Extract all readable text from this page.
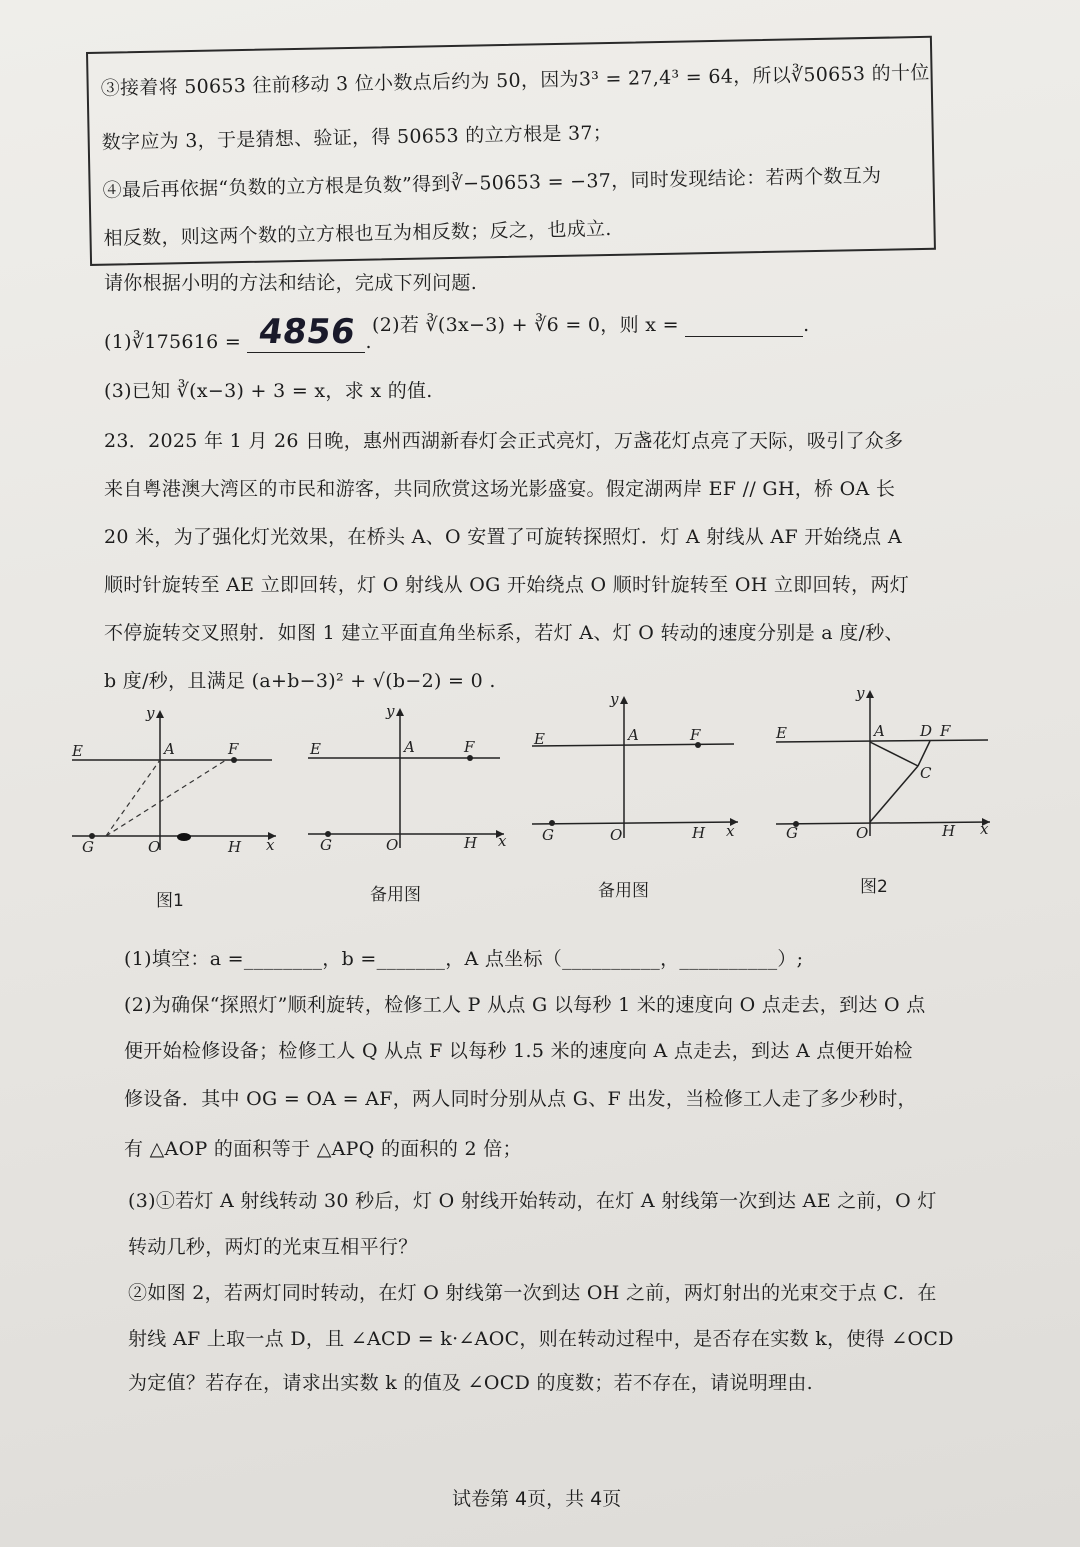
③接着将 50653 往前移动 3 位小数点后约为 50，因为3³ = 27,4³ = 64，所以∛50653 的十位
数字应为 3，于是猜想、验证，得 50653 的立方根是 37；
④最后再依据“负数的立方根是负数”得到∛−50653 = −37，同时发现结论：若两个数互为
相反数，则这两个数的立方根也互为相反数；反之，也成立.
请你根据小明的方法和结论，完成下列问题.
(1)∛175616 = 4856 .
(2)若 ∛(3x−3) + ∛6 = 0，则 x =	.
(3)已知 ∛(x−3) + 3 = x，求 x 的值.
23．2025 年 1 月 26 日晚，惠州西湖新春灯会正式亮灯，万盏花灯点亮了天际，吸引了众多
来自粤港澳大湾区的市民和游客，共同欣赏这场光影盛宴。假定湖两岸 EF // GH，桥 OA 长
20 米，为了强化灯光效果，在桥头 A、O 安置了可旋转探照灯．灯 A 射线从 AF 开始绕点 A
顺时针旋转至 AE 立即回转，灯 O 射线从 OG 开始绕点 O 顺时针旋转至 OH 立即回转，两灯
不停旋转交叉照射．如图 1 建立平面直角坐标系，若灯 A、灯 O 转动的速度分别是 a 度/秒、
b 度/秒，且满足 (a+b−3)² + √(b−2) = 0 .
E	A	F
G	O	H x
y
图1
E	A	F
G	O	H x
y
备用图
E	A	F
G	O	H x
y
备用图
E	A D F
C
G	O	H x
y
图2
(1)填空：a =________，b =_______，A 点坐标（__________，__________）;
(2)为确保“探照灯”顺利旋转，检修工人 P 从点 G 以每秒 1 米的速度向 O 点走去，到达 O 点
便开始检修设备；检修工人 Q 从点 F 以每秒 1.5 米的速度向 A 点走去，到达 A 点便开始检
修设备．其中 OG = OA = AF，两人同时分别从点 G、F 出发，当检修工人走了多少秒时，
有 △AOP 的面积等于 △APQ 的面积的 2 倍；
(3)①若灯 A 射线转动 30 秒后，灯 O 射线开始转动，在灯 A 射线第一次到达 AE 之前，O 灯
转动几秒，两灯的光束互相平行？
②如图 2，若两灯同时转动，在灯 O 射线第一次到达 OH 之前，两灯射出的光束交于点 C．在
射线 AF 上取一点 D，且 ∠ACD = k·∠AOC，则在转动过程中，是否存在实数 k，使得 ∠OCD
为定值？若存在，请求出实数 k 的值及 ∠OCD 的度数；若不存在，请说明理由.
试卷第 4页，共 4页
